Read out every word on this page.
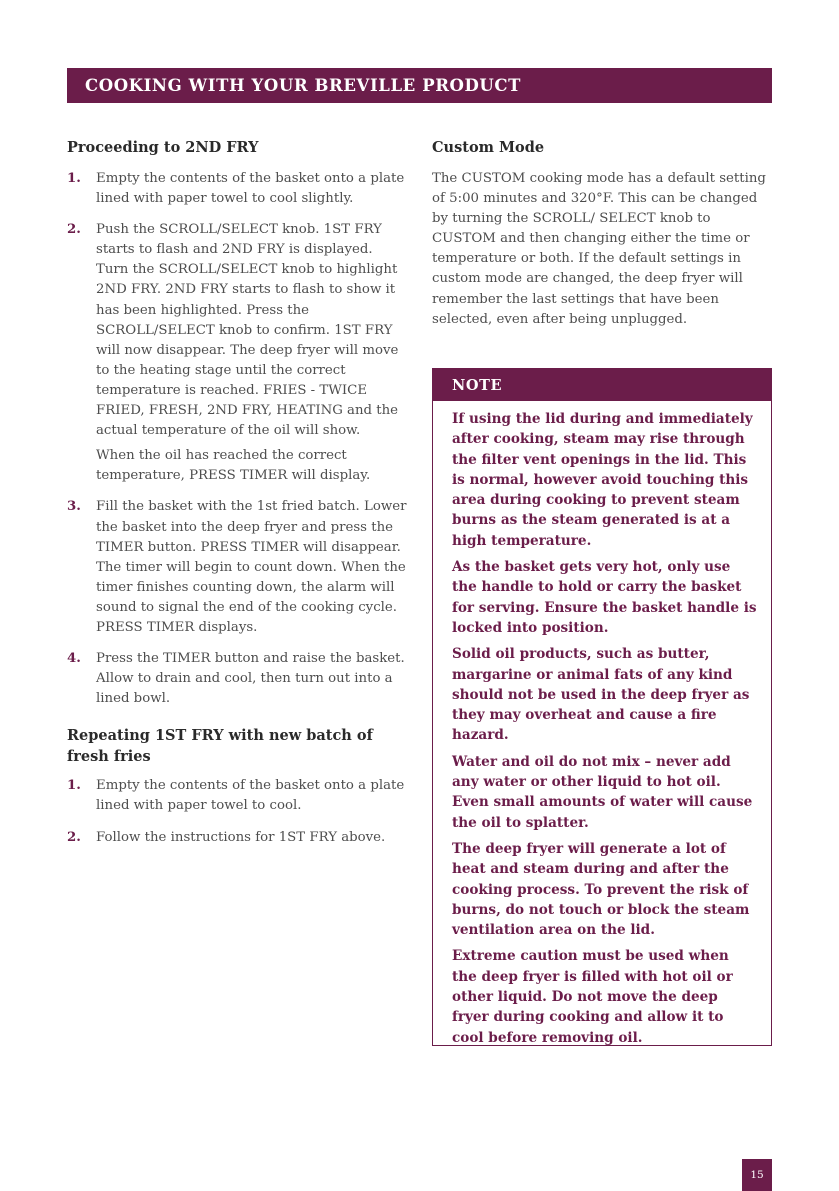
COOKING WITH YOUR BREVILLE PRODUCT
Proceeding to 2ND FRY
1. Empty the contents of the basket onto a plate lined with paper towel to cool slightly.
2. Push the SCROLL/SELECT knob. 1ST FRY starts to flash and 2ND FRY is displayed. Turn the SCROLL/SELECT knob to highlight 2ND FRY. 2ND FRY starts to flash to show it has been highlighted. Press the SCROLL/SELECT knob to confirm. 1ST FRY will now disappear. The deep fryer will move to the heating stage until the correct temperature is reached. FRIES - TWICE FRIED, FRESH, 2ND FRY, HEATING and the actual temperature of the oil will show.
When the oil has reached the correct temperature, PRESS TIMER will display.
3. Fill the basket with the 1st fried batch. Lower the basket into the deep fryer and press the TIMER button. PRESS TIMER will disappear. The timer will begin to count down. When the timer finishes counting down, the alarm will sound to signal the end of the cooking cycle. PRESS TIMER displays.
4. Press the TIMER button and raise the basket. Allow to drain and cool, then turn out into a lined bowl.
Repeating 1ST FRY with new batch of fresh fries
1. Empty the contents of the basket onto a plate lined with paper towel to cool.
2. Follow the instructions for 1ST FRY above.
Custom Mode

The CUSTOM cooking mode has a default setting of 5:00 minutes and 320°F. This can be changed by turning the SCROLL/ SELECT knob to CUSTOM and then changing either the time or temperature or both. If the default settings in custom mode are changed, the deep fryer will remember the last settings that have been selected, even after being unplugged.

NOTE

If using the lid during and immediately after cooking, steam may rise through the filter vent openings in the lid. This is normal, however avoid touching this area during cooking to prevent steam burns as the steam generated is at a high temperature.

As the basket gets very hot, only use the handle to hold or carry the basket for serving. Ensure the basket handle is locked into position.

Solid oil products, such as butter, margarine or animal fats of any kind should not be used in the deep fryer as they may overheat and cause a fire hazard.

Water and oil do not mix – never add any water or other liquid to hot oil. Even small amounts of water will cause the oil to splatter.

The deep fryer will generate a lot of heat and steam during and after the cooking process. To prevent the risk of burns, do not touch or block the steam ventilation area on the lid.

Extreme caution must be used when the deep fryer is filled with hot oil or other liquid. Do not move the deep fryer during cooking and allow it to cool before removing oil.

15
